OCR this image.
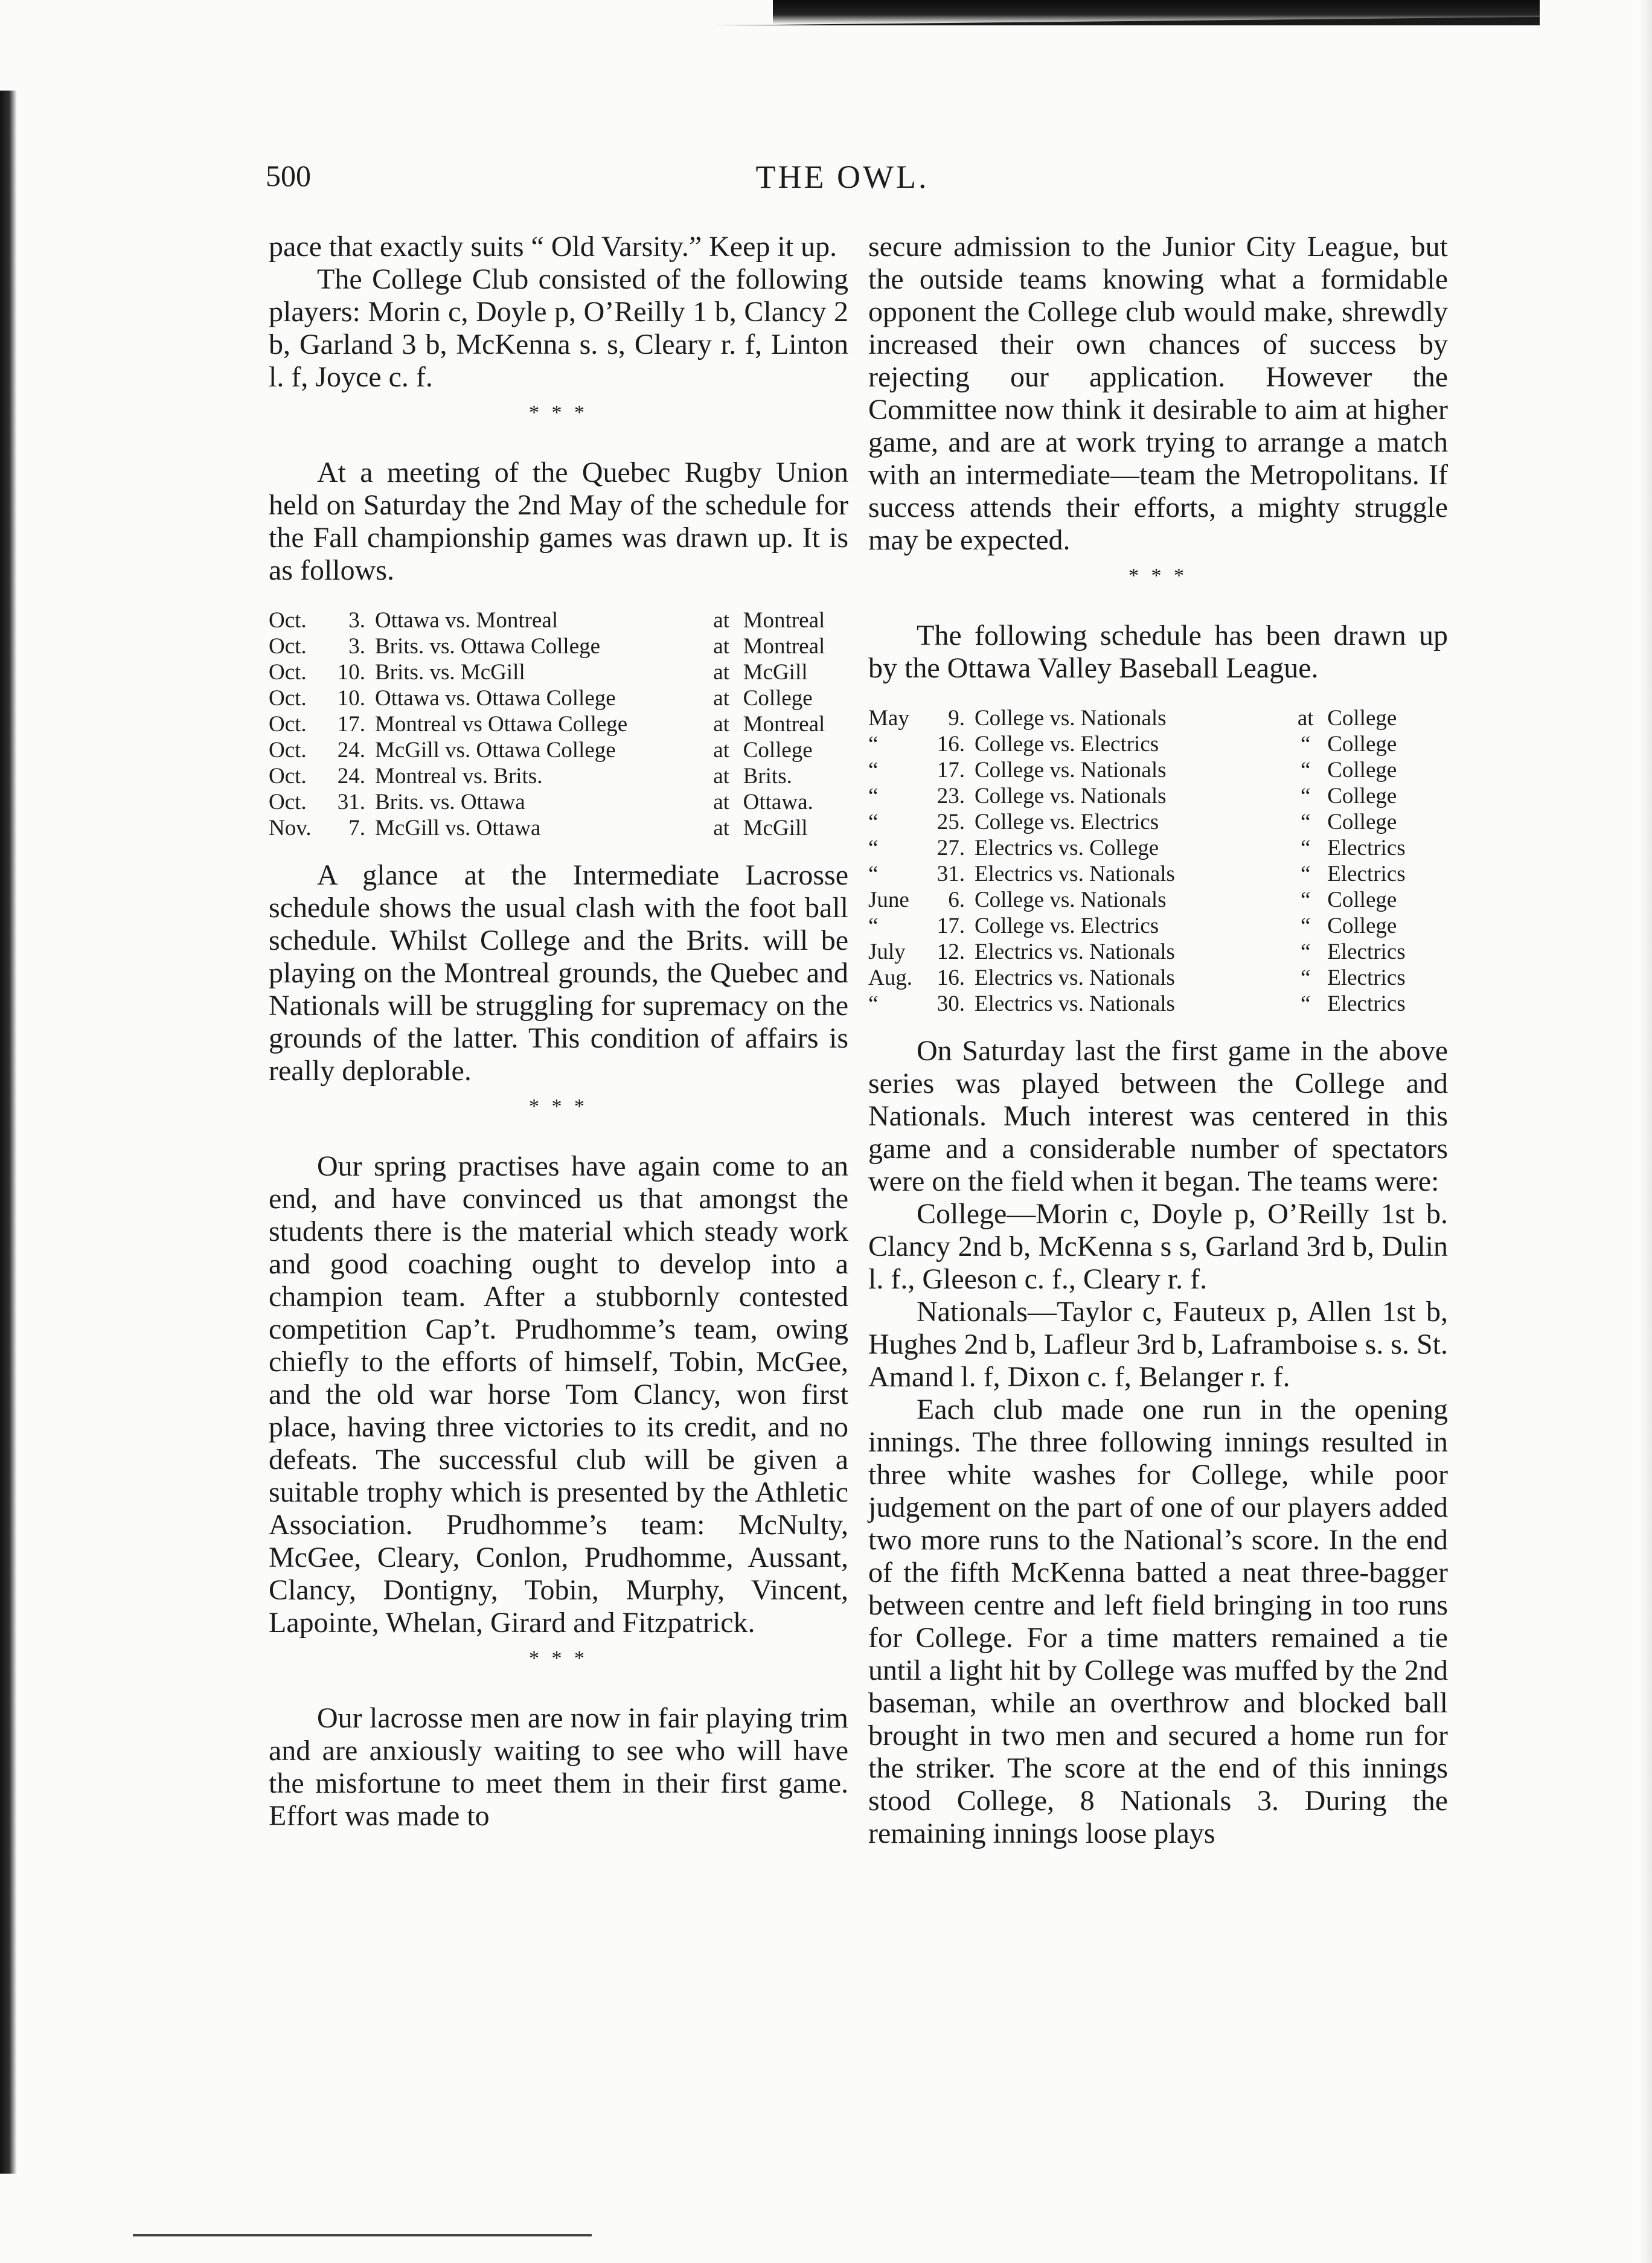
500	THE OWL.

pace that exactly suits “ Old Varsity.” Keep it up.

The College Club consisted of the following players: Morin c, Doyle p, O’Reilly 1 b, Clancy 2 b, Garland 3 b, McKenna s. s, Cleary r. f, Linton l. f, Joyce c. f.

* * *

At a meeting of the Quebec Rugby Union held on Saturday the 2nd May of the schedule for the Fall championship games was drawn up. It is as follows.

Oct.	3.	Ottawa vs. Montreal	at	Montreal
Oct.	3.	Brits. vs. Ottawa College	at	Montreal
Oct.	10.	Brits. vs. McGill	at	McGill
Oct.	10.	Ottawa vs. Ottawa College	at	College
Oct.	17.	Montreal vs Ottawa College	at	Montreal
Oct.	24.	McGill vs. Ottawa College	at	College
Oct.	24.	Montreal vs. Brits.	at	Brits.
Oct.	31.	Brits. vs. Ottawa	at	Ottawa.
Nov.	7.	McGill vs. Ottawa	at	McGill

A glance at the Intermediate Lacrosse schedule shows the usual clash with the foot ball schedule. Whilst College and the Brits. will be playing on the Montreal grounds, the Quebec and Nationals will be struggling for supremacy on the grounds of the latter. This condition of affairs is really deplorable.

* * *

Our spring practises have again come to an end, and have convinced us that amongst the students there is the material which steady work and good coaching ought to develop into a champion team. After a stubbornly contested competition Cap’t. Prudhomme’s team, owing chiefly to the efforts of himself, Tobin, McGee, and the old war horse Tom Clancy, won first place, having three victories to its credit, and no defeats. The successful club will be given a suitable trophy which is presented by the Athletic Association. Prudhomme’s team: McNulty, McGee, Cleary, Conlon, Prudhomme, Aussant, Clancy, Dontigny, Tobin, Murphy, Vincent, Lapointe, Whelan, Girard and Fitzpatrick.

* * *

Our lacrosse men are now in fair playing trim and are anxiously waiting to see who will have the misfortune to meet them in their first game. Effort was made to

secure admission to the Junior City League, but the outside teams knowing what a formidable opponent the College club would make, shrewdly increased their own chances of success by rejecting our application. However the Committee now think it desirable to aim at higher game, and are at work trying to arrange a match with an intermediate—team the Metropolitans. If success attends their efforts, a mighty struggle may be expected.

* * *

The following schedule has been drawn up by the Ottawa Valley Baseball League.

May	9.	College vs. Nationals	at	College
“	16.	College vs. Electrics	“	College
“	17.	College vs. Nationals	“	College
“	23.	College vs. Nationals	“	College
“	25.	College vs. Electrics	“	College
“	27.	Electrics vs. College	“	Electrics
“	31.	Electrics vs. Nationals	“	Electrics
June	6.	College vs. Nationals	“	College
“	17.	College vs. Electrics	“	College
July	12.	Electrics vs. Nationals	“	Electrics
Aug.	16.	Electrics vs. Nationals	“	Electrics
“	30.	Electrics vs. Nationals	“	Electrics

On Saturday last the first game in the above series was played between the College and Nationals. Much interest was centered in this game and a considerable number of spectators were on the field when it began. The teams were:

College—Morin c, Doyle p, O’Reilly 1st b. Clancy 2nd b, McKenna s s, Garland 3rd b, Dulin l. f., Gleeson c. f., Cleary r. f.

Nationals—Taylor c, Fauteux p, Allen 1st b, Hughes 2nd b, Lafleur 3rd b, Laframboise s. s. St. Amand l. f, Dixon c. f, Belanger r. f.

Each club made one run in the opening innings. The three following innings resulted in three white washes for College, while poor judgement on the part of one of our players added two more runs to the National’s score. In the end of the fifth McKenna batted a neat three-bagger between centre and left field bringing in too runs for College. For a time matters remained a tie until a light hit by College was muffed by the 2nd baseman, while an overthrow and blocked ball brought in two men and secured a home run for the striker. The score at the end of this innings stood College, 8 Nationals 3. During the remaining innings loose plays
